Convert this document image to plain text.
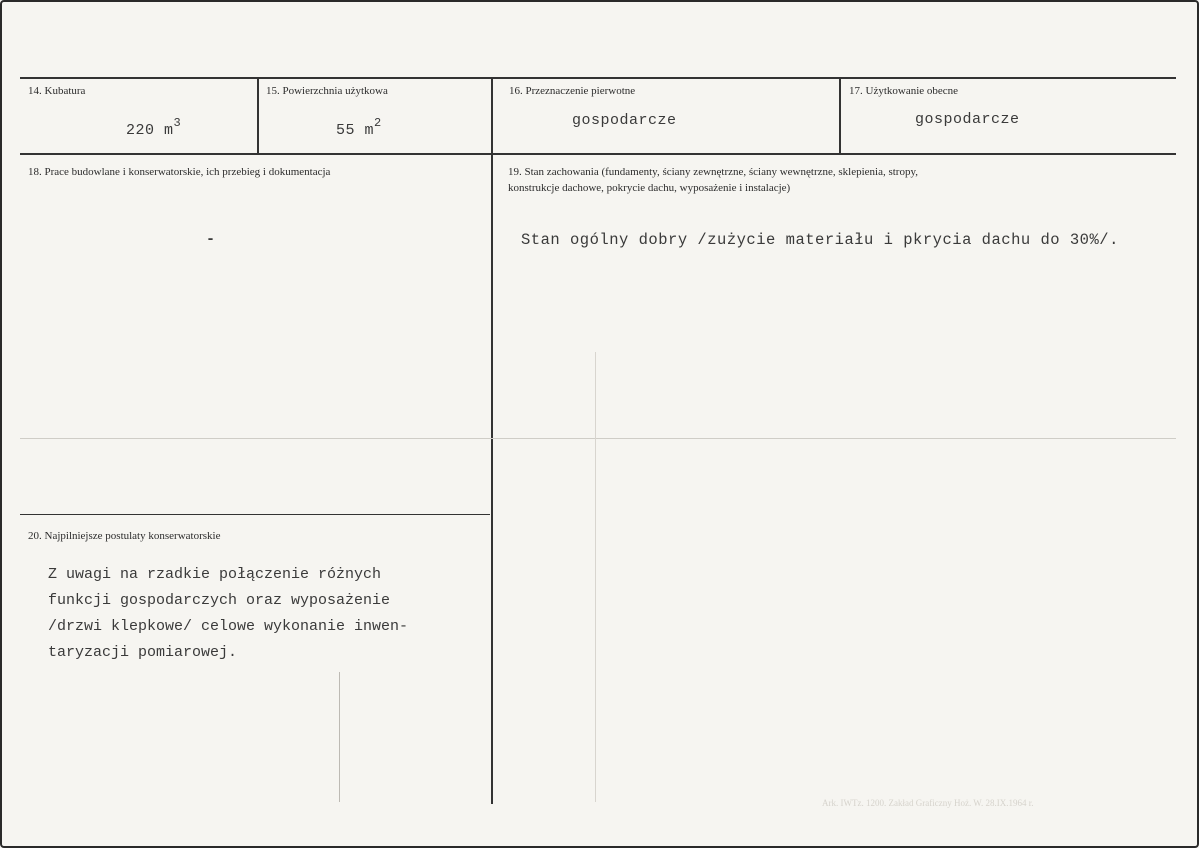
14. Kubatura
220 $m^3$
15. Powierzchnia użytkowa
55 $m^2$
16. Przeznaczenie pierwotne
gospodarcze
17. Użytkowanie obecne
gospodarcze
18. Prace budowlane i konserwatorskie, ich przebieg i dokumentacja
-
19. Stan zachowania (fundamenty, ściany zewnętrzne, ściany wewnętrzne, sklepienia, stropy,
konstrukcje dachowe, pokrycie dachu, wyposażenie i instalacje)
Stan ogólny dobry /zużycie materiału i pkrycia dachu do 30%/.
20. Najpilniejsze postulaty konserwatorskie
Z uwagi na rzadkie połączenie różnych
funkcji gospodarczych oraz wyposażenie
/drzwi klepkowe/ celowe wykonanie inwen-
taryzacji pomiarowej.
Ark. IWTz. 1200. Zakład Graficzny Hoż. W. 28.IX.1964 r.
